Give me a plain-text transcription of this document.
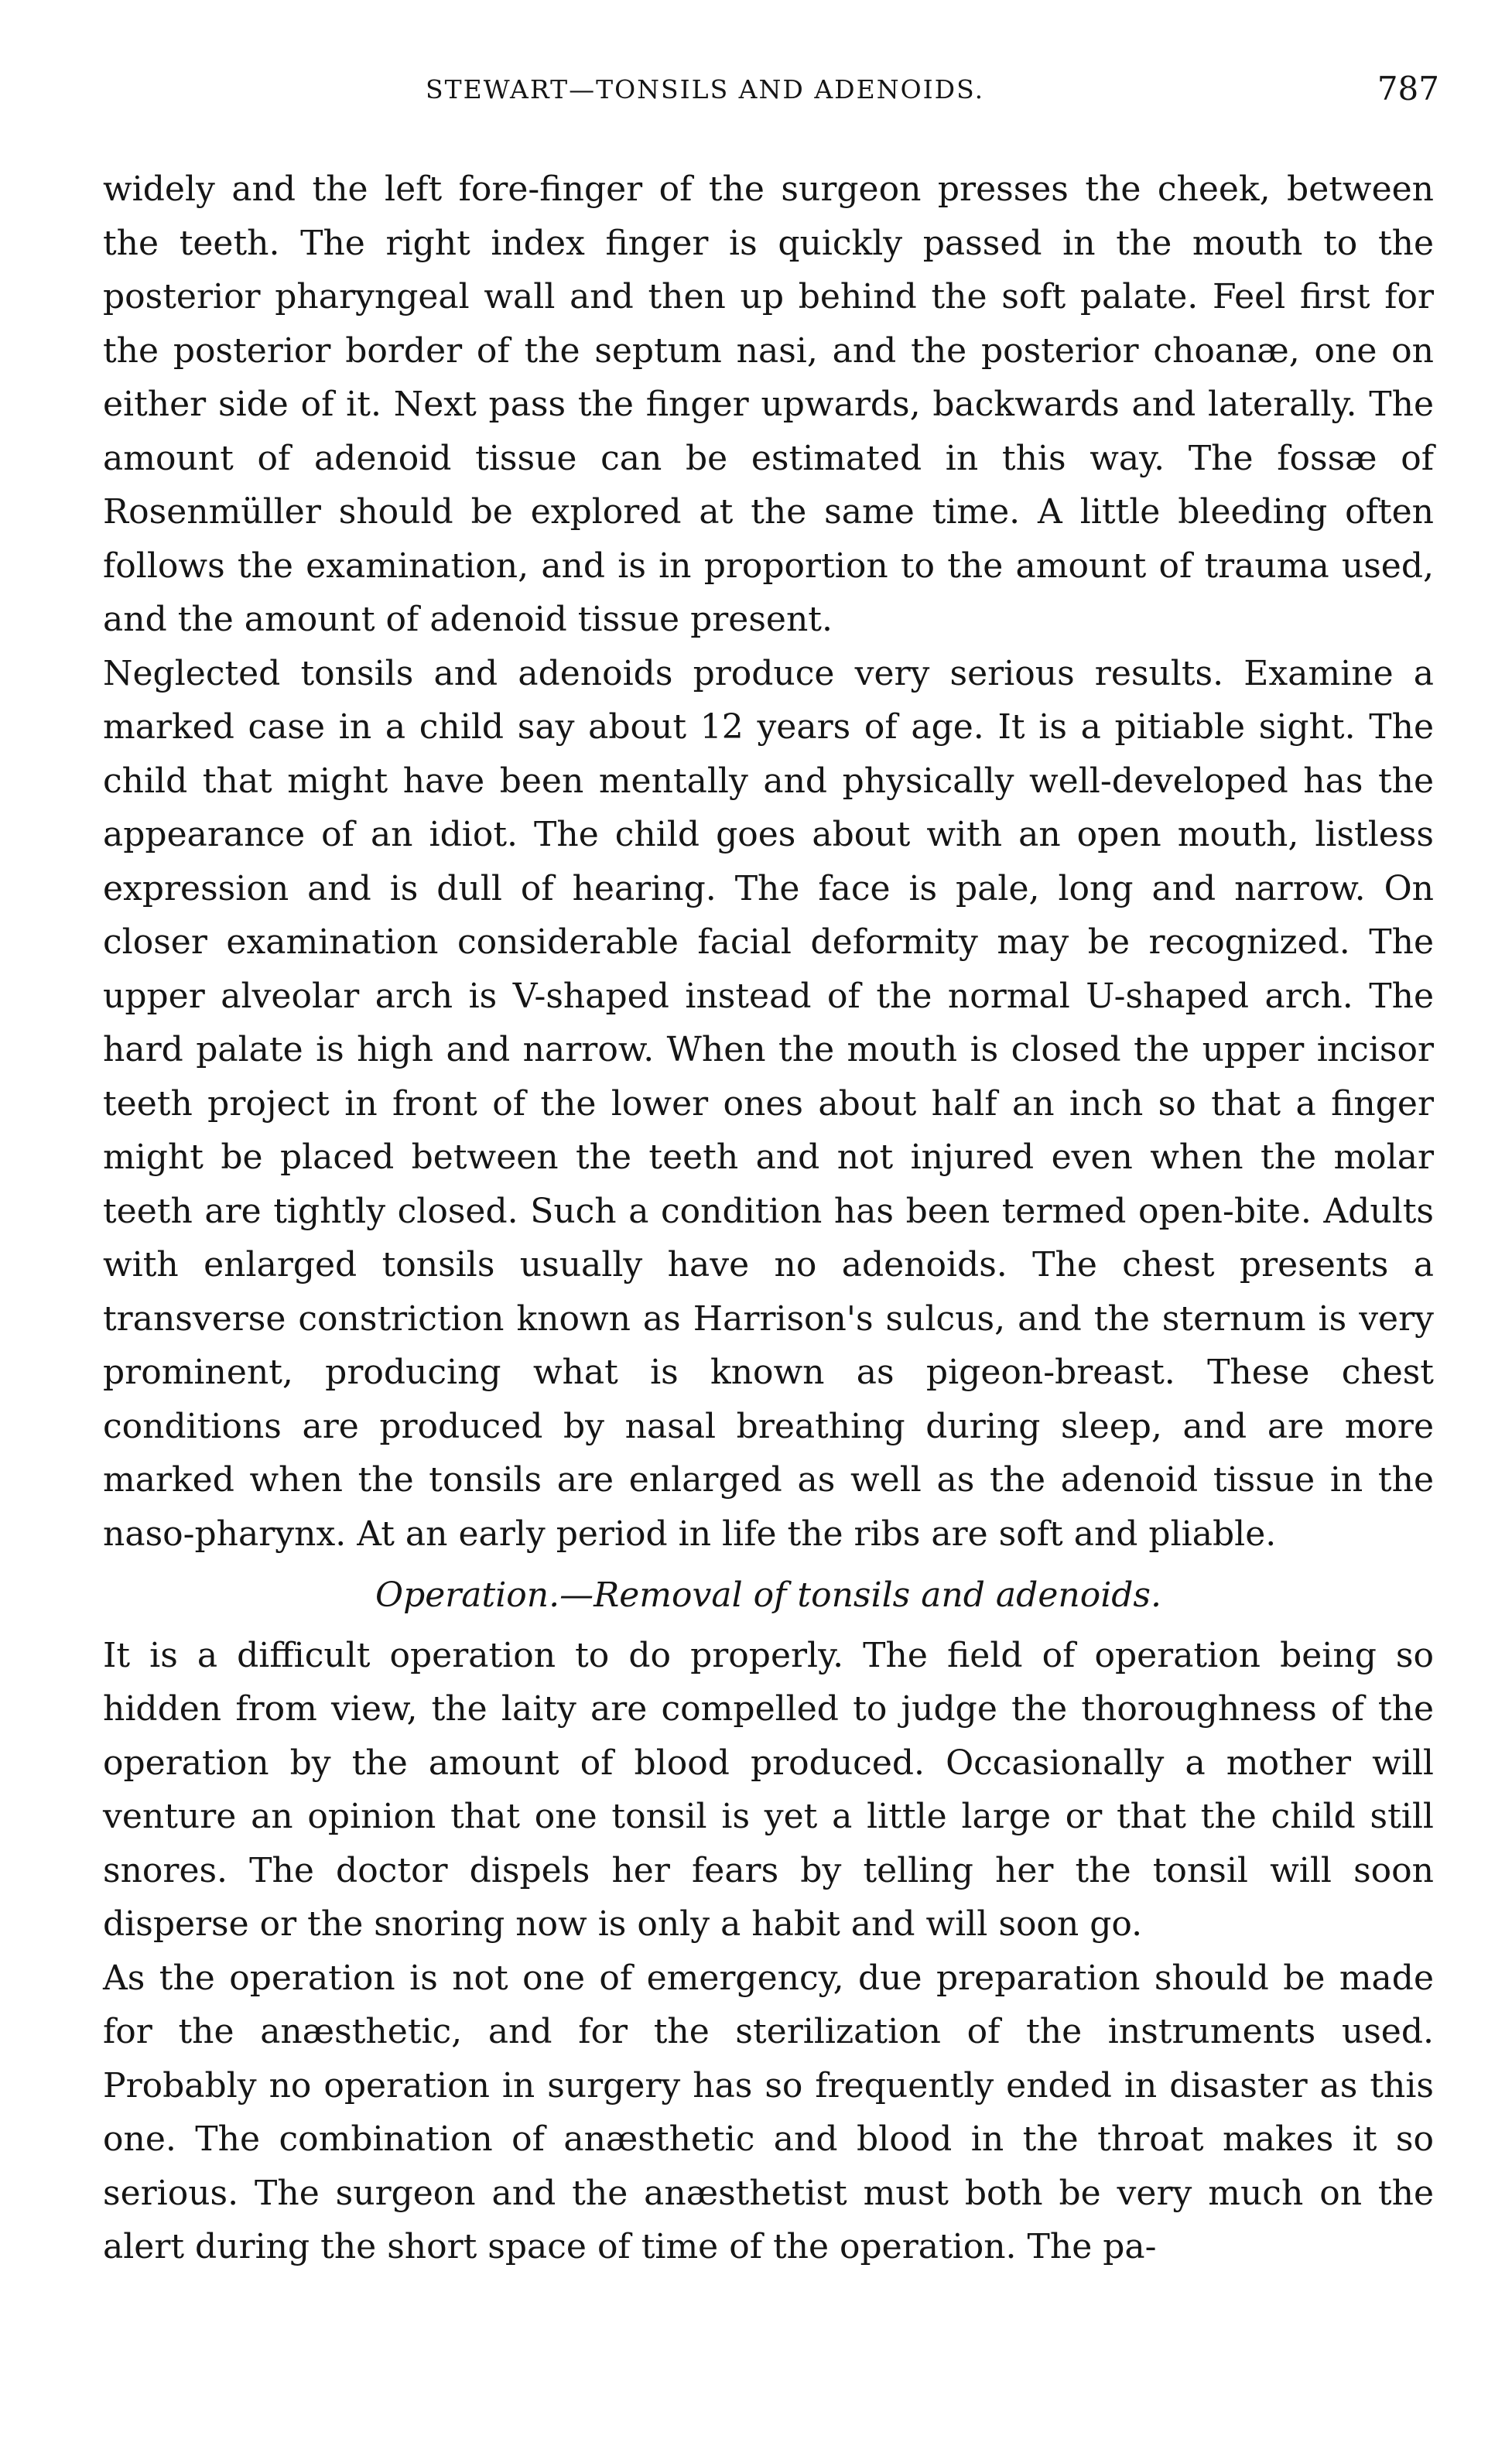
STEWART—TONSILS AND ADENOIDS.	787

widely and the left fore-finger of the surgeon presses the cheek, between the teeth. The right index finger is quickly passed in the mouth to the posterior pharyngeal wall and then up behind the soft palate. Feel first for the posterior border of the septum nasi, and the posterior choanæ, one on either side of it. Next pass the finger upwards, backwards and laterally. The amount of adenoid tissue can be estimated in this way. The fossæ of Rosenmüller should be explored at the same time. A little bleeding often follows the examination, and is in proportion to the amount of trauma used, and the amount of adenoid tissue present.

Neglected tonsils and adenoids produce very serious results. Examine a marked case in a child say about 12 years of age. It is a pitiable sight. The child that might have been mentally and physically well-developed has the appearance of an idiot. The child goes about with an open mouth, listless expression and is dull of hearing. The face is pale, long and narrow. On closer examination considerable facial deformity may be recognized. The upper alveolar arch is V-shaped instead of the normal U-shaped arch. The hard palate is high and narrow. When the mouth is closed the upper incisor teeth project in front of the lower ones about half an inch so that a finger might be placed between the teeth and not injured even when the molar teeth are tightly closed. Such a condition has been termed open-bite. Adults with enlarged tonsils usually have no adenoids. The chest presents a transverse constriction known as Harrison's sulcus, and the sternum is very prominent, producing what is known as pigeon-breast. These chest conditions are produced by nasal breathing during sleep, and are more marked when the tonsils are enlarged as well as the adenoid tissue in the naso-pharynx. At an early period in life the ribs are soft and pliable.

Operation.—Removal of tonsils and adenoids.

It is a difficult operation to do properly. The field of operation being so hidden from view, the laity are compelled to judge the thoroughness of the operation by the amount of blood produced. Occasionally a mother will venture an opinion that one tonsil is yet a little large or that the child still snores. The doctor dispels her fears by telling her the tonsil will soon disperse or the snoring now is only a habit and will soon go.

As the operation is not one of emergency, due preparation should be made for the anæsthetic, and for the sterilization of the instruments used. Probably no operation in surgery has so frequently ended in disaster as this one. The combination of anæsthetic and blood in the throat makes it so serious. The surgeon and the anæsthetist must both be very much on the alert during the short space of time of the operation. The pa-
